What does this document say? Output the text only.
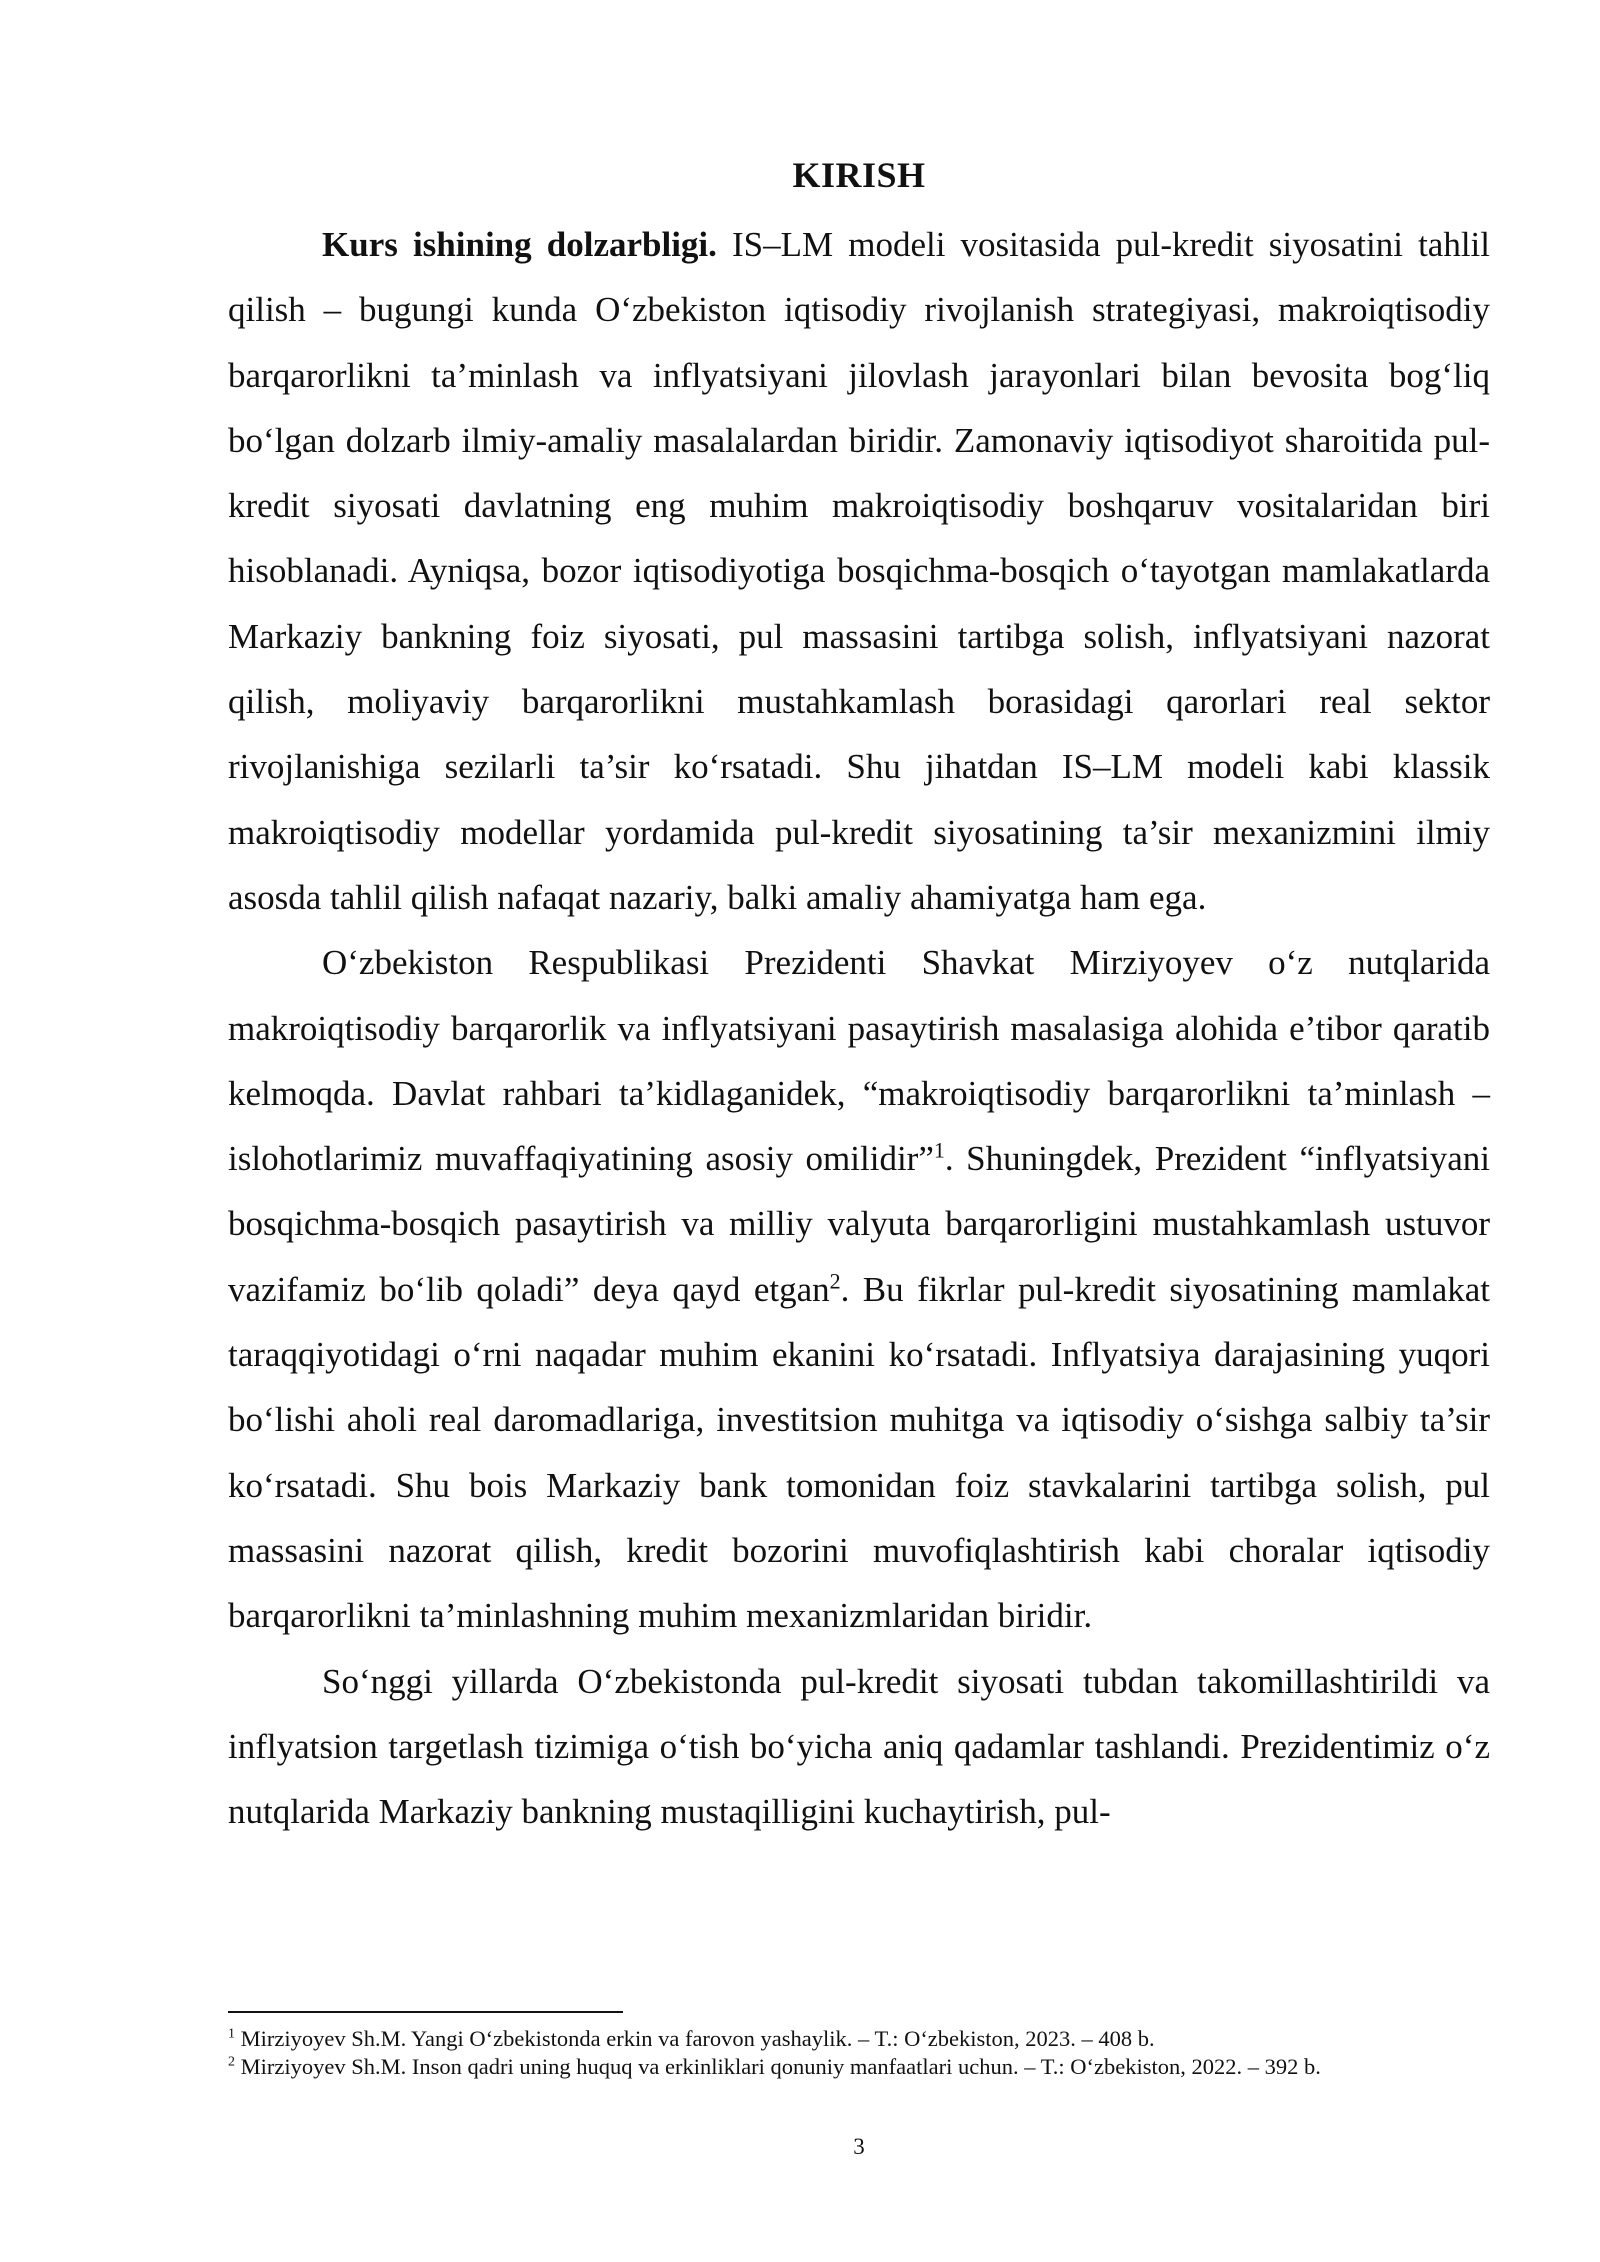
KIRISH

Kurs ishining dolzarbligi. IS–LM modeli vositasida pul-kredit siyosatini tahlil qilish – bugungi kunda O‘zbekiston iqtisodiy rivojlanish strategiyasi, makroiqtisodiy barqarorlikni ta’minlash va inflyatsiyani jilovlash jarayonlari bilan bevosita bog‘liq bo‘lgan dolzarb ilmiy-amaliy masalalardan biridir. Zamonaviy iqtisodiyot sharoitida pul-kredit siyosati davlatning eng muhim makroiqtisodiy boshqaruv vositalaridan biri hisoblanadi. Ayniqsa, bozor iqtisodiyotiga bosqichma-bosqich o‘tayotgan mamlakatlarda Markaziy bankning foiz siyosati, pul massasini tartibga solish, inflyatsiyani nazorat qilish, moliyaviy barqarorlikni mustahkamlash borasidagi qarorlari real sektor rivojlanishiga sezilarli ta’sir ko‘rsatadi. Shu jihatdan IS–LM modeli kabi klassik makroiqtisodiy modellar yordamida pul-kredit siyosatining ta’sir mexanizmini ilmiy asosda tahlil qilish nafaqat nazariy, balki amaliy ahamiyatga ham ega.

O‘zbekiston Respublikasi Prezidenti Shavkat Mirziyoyev o‘z nutqlarida makroiqtisodiy barqarorlik va inflyatsiyani pasaytirish masalasiga alohida e’tibor qaratib kelmoqda. Davlat rahbari ta’kidlaganidek, “makroiqtisodiy barqarorlikni ta’minlash – islohotlarimiz muvaffaqiyatining asosiy omilidir”$^1$. Shuningdek, Prezident “inflyatsiyani bosqichma-bosqich pasaytirish va milliy valyuta barqarorligini mustahkamlash ustuvor vazifamiz bo‘lib qoladi” deya qayd etgan$^2$. Bu fikrlar pul-kredit siyosatining mamlakat taraqqiyotidagi o‘rni naqadar muhim ekanini ko‘rsatadi. Inflyatsiya darajasining yuqori bo‘lishi aholi real daromadlariga, investitsion muhitga va iqtisodiy o‘sishga salbiy ta’sir ko‘rsatadi. Shu bois Markaziy bank tomonidan foiz stavkalarini tartibga solish, pul massasini nazorat qilish, kredit bozorini muvofiqlashtirish kabi choralar iqtisodiy barqarorlikni ta’minlashning muhim mexanizmlaridan biridir.

So‘nggi yillarda O‘zbekistonda pul-kredit siyosati tubdan takomillashtirildi va inflyatsion targetlash tizimiga o‘tish bo‘yicha aniq qadamlar tashlandi. Prezidentimiz o‘z nutqlarida Markaziy bankning mustaqilligini kuchaytirish, pul-

$^1$ Mirziyoyev Sh.M. Yangi O‘zbekistonda erkin va farovon yashaylik. – T.: O‘zbekiston, 2023. – 408 b.

$^2$ Mirziyoyev Sh.M. Inson qadri uning huquq va erkinliklari qonuniy manfaatlari uchun. – T.: O‘zbekiston, 2022. – 392 b.

3
